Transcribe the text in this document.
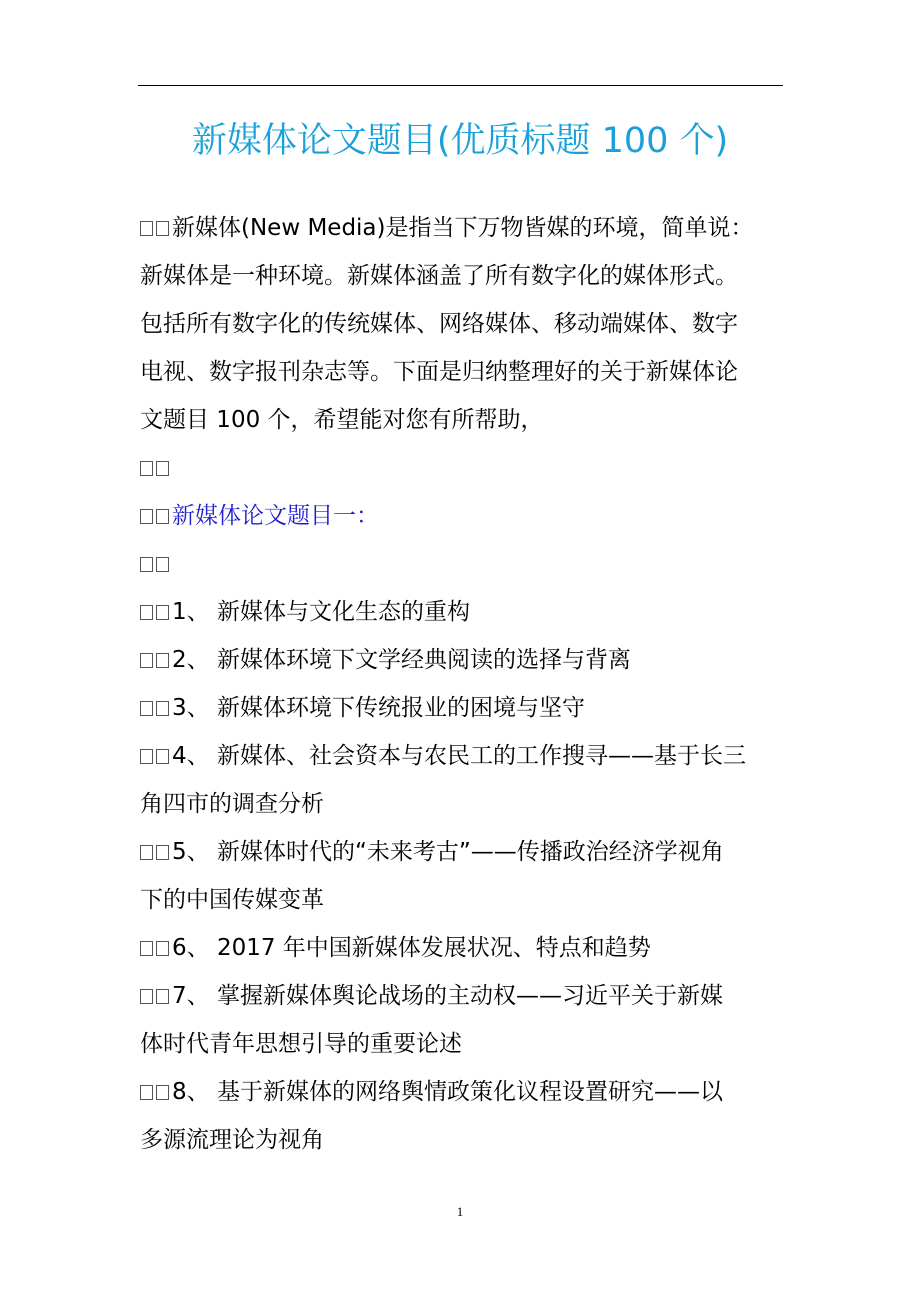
新媒体论文题目(优质标题 100 个)
新媒体(New Media)是指当下万物皆媒的环境，简单说：
新媒体是一种环境。新媒体涵盖了所有数字化的媒体形式。
包括所有数字化的传统媒体、网络媒体、移动端媒体、数字
电视、数字报刊杂志等。下面是归纳整理好的关于新媒体论
文题目 100 个，希望能对您有所帮助，
新媒体论文题目一：
1、 新媒体与文化生态的重构
2、 新媒体环境下文学经典阅读的选择与背离
3、 新媒体环境下传统报业的困境与坚守
4、 新媒体、社会资本与农民工的工作搜寻——基于长三
角四市的调查分析
5、 新媒体时代的“未来考古”——传播政治经济学视角
下的中国传媒变革
6、 2017 年中国新媒体发展状况、特点和趋势
7、 掌握新媒体舆论战场的主动权——习近平关于新媒
体时代青年思想引导的重要论述
8、 基于新媒体的网络舆情政策化议程设置研究——以
多源流理论为视角
1
